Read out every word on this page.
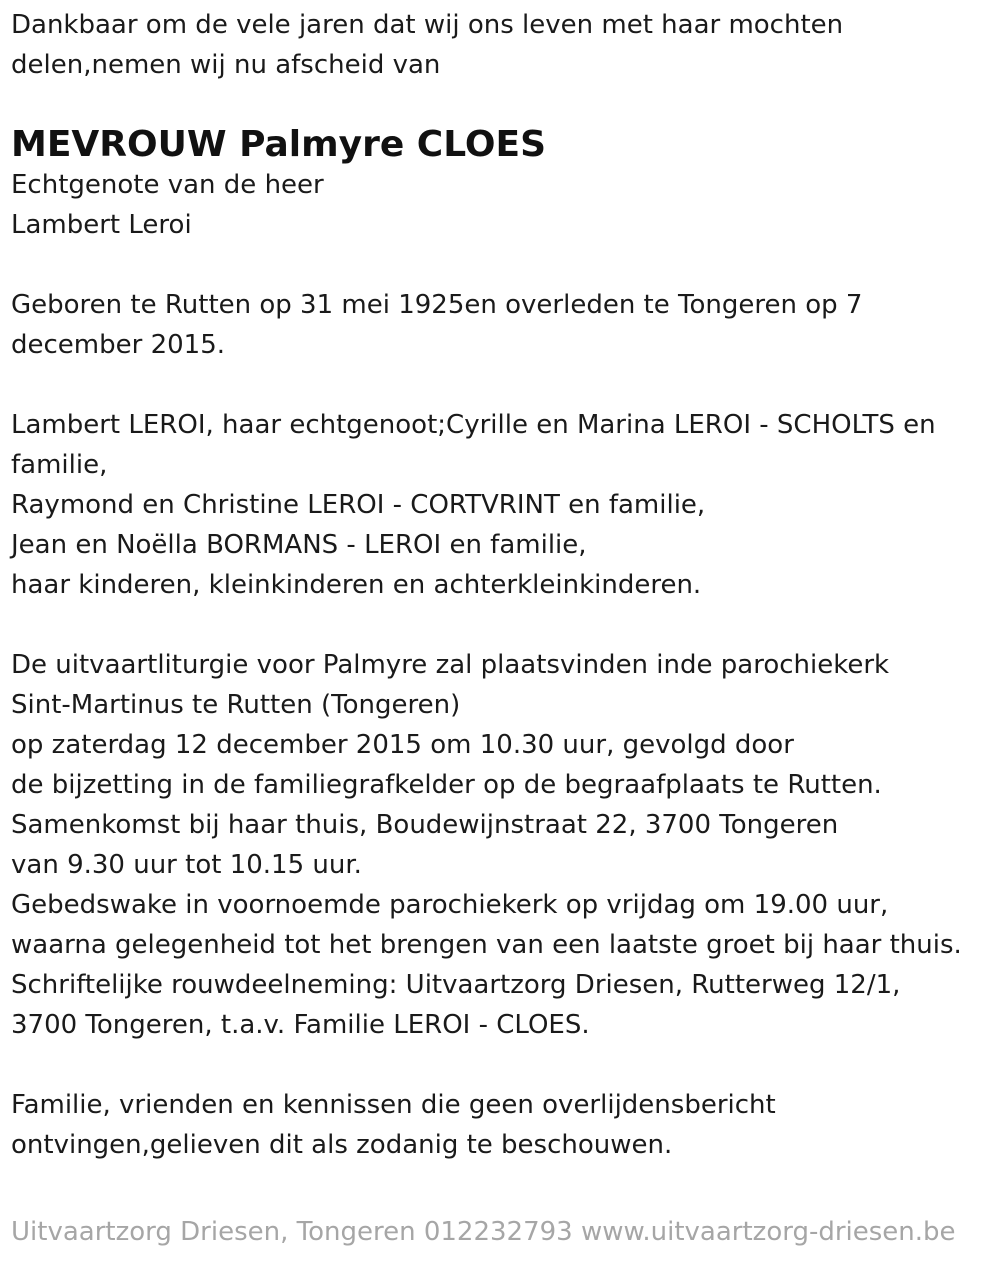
Dankbaar om de vele jaren dat wij ons leven met haar mochten
delen,nemen wij nu afscheid van
MEVROUW Palmyre CLOES
Echtgenote van de heer
Lambert Leroi
Geboren te Rutten op 31 mei 1925en overleden te Tongeren op 7
december 2015.
Lambert LEROI, haar echtgenoot;Cyrille en Marina LEROI - SCHOLTS en
familie,
Raymond en Christine LEROI - CORTVRINT en familie,
Jean en Noëlla BORMANS - LEROI en familie,
haar kinderen, kleinkinderen en achterkleinkinderen.
De uitvaartliturgie voor Palmyre zal plaatsvinden inde parochiekerk
Sint-Martinus te Rutten (Tongeren)
op zaterdag 12 december 2015 om 10.30 uur, gevolgd door
de bijzetting in de familiegrafkelder op de begraafplaats te Rutten.
Samenkomst bij haar thuis, Boudewijnstraat 22, 3700 Tongeren
van 9.30 uur tot 10.15 uur.
Gebedswake in voornoemde parochiekerk op vrijdag om 19.00 uur,
waarna gelegenheid tot het brengen van een laatste groet bij haar thuis.
Schriftelijke rouwdeelneming: Uitvaartzorg Driesen, Rutterweg 12/1,
3700 Tongeren, t.a.v. Familie LEROI - CLOES.
Familie, vrienden en kennissen die geen overlijdensbericht
ontvingen,gelieven dit als zodanig te beschouwen.
Uitvaartzorg Driesen, Tongeren 012232793 www.uitvaartzorg-driesen.be
